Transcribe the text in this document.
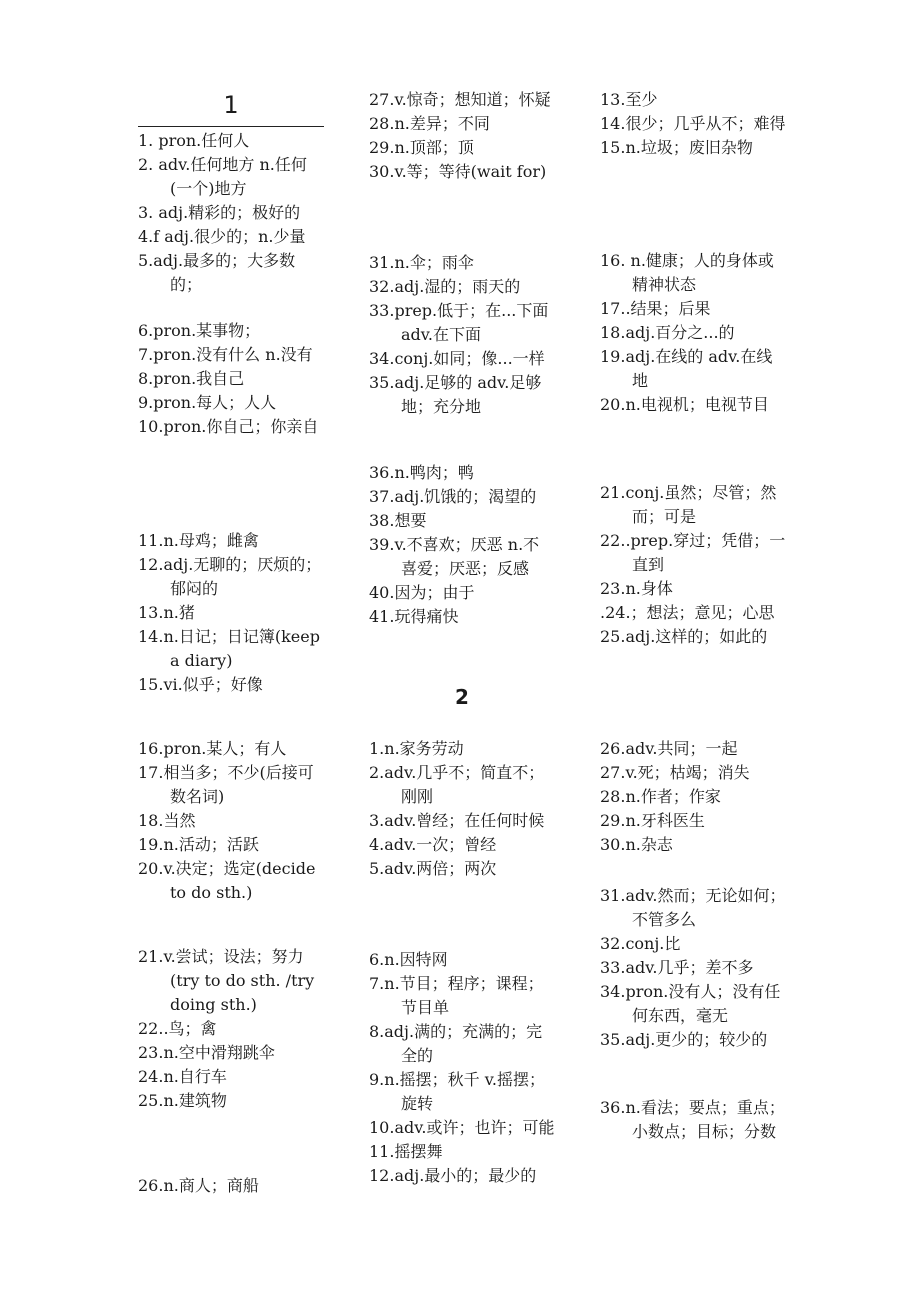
1
1. pron.任何人
2. adv.任何地方 n.任何(一个)地方
3. adj.精彩的；极好的
4.f adj.很少的；n.少量
5.adj.最多的；大多数的；
6.pron.某事物；
7.pron.没有什么 n.没有
8.pron.我自己
9.pron.每人；人人
10.pron.你自己；你亲自
11.n.母鸡；雌禽
12.adj.无聊的；厌烦的；郁闷的
13.n.猪
14.n.日记；日记簿(keep a diary)
15.vi.似乎；好像
16.pron.某人；有人
17.相当多；不少(后接可数名词)
18.当然
19.n.活动；活跃
20.v.决定；选定(decide to do sth.)
21.v.尝试；设法；努力(try to do sth. /try doing sth.)
22..鸟；禽
23.n.空中滑翔跳伞
24.n.自行车
25.n.建筑物
26.n.商人；商船
27.v.惊奇；想知道；怀疑
28.n.差异；不同
29.n.顶部；顶
30.v.等；等待(wait for)
31.n.伞；雨伞
32.adj.湿的；雨天的
33.prep.低于；在...下面 adv.在下面
34.conj.如同；像...一样
35.adj.足够的 adv.足够地；充分地
36.n.鸭肉；鸭
37.adj.饥饿的；渴望的
38.想要
39.v.不喜欢；厌恶 n.不喜爱；厌恶；反感
40.因为；由于
41.玩得痛快
13.至少
14.很少；几乎从不；难得
15.n.垃圾；废旧杂物
16. n.健康；人的身体或精神状态
17..结果；后果
18.adj.百分之...的
19.adj.在线的 adv.在线地
20.n.电视机；电视节目
21.conj.虽然；尽管；然而；可是
22..prep.穿过；凭借；一直到
23.n.身体
.24.；想法；意见；心思
25.adj.这样的；如此的
2
1.n.家务劳动
2.adv.几乎不；简直不；刚刚
3.adv.曾经；在任何时候
4.adv.一次；曾经
5.adv.两倍；两次
6.n.因特网
7.n.节目；程序；课程；节目单
8.adj.满的；充满的；完全的
9.n.摇摆；秋千 v.摇摆；旋转
10.adv.或许；也许；可能
11.摇摆舞
12.adj.最小的；最少的
26.adv.共同；一起
27.v.死；枯竭；消失
28.n.作者；作家
29.n.牙科医生
30.n.杂志
31.adv.然而；无论如何；不管多么
32.conj.比
33.adv.几乎；差不多
34.pron.没有人；没有任何东西，毫无
35.adj.更少的；较少的
36.n.看法；要点；重点；小数点；目标；分数
